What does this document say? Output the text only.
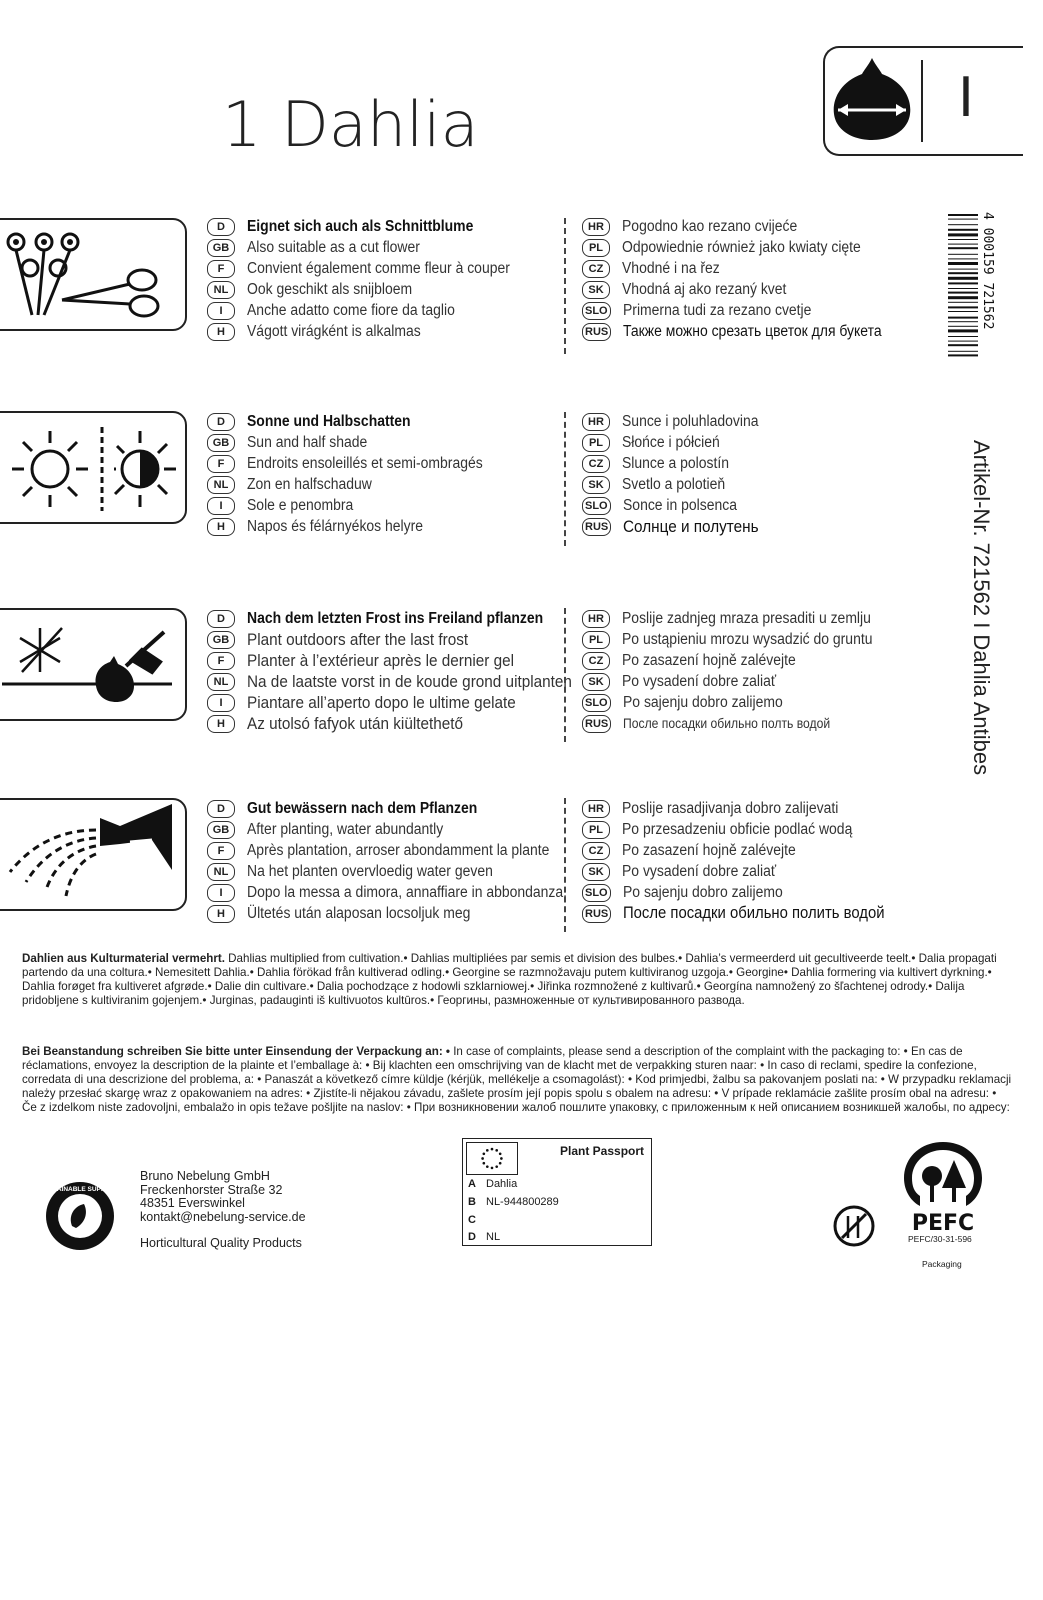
1 Dahlia	I
D	Eignet sich auch als Schnittblume
GB	Also suitable as a cut flower
F	Convient également comme fleur à couper
NL	Ook geschikt als snijbloem
I	Anche adatto come fiore da taglio
H	Vágott virágként is alkalmas
HR	Pogodno kao rezano cvijeće
PL	Odpowiednie również jako kwiaty cięte
CZ	Vhodné i na řez
SK	Vhodná aj ako rezaný kvet
SLO Primerna tudi za rezano cvetje
RUS Также можно срезать цветок для букета
D	Sonne und Halbschatten
GB	Sun and half shade
F	Endroits ensoleillés et semi-ombragés
NL	Zon en halfschaduw
I	Sole e penombra
H	Napos és félárnyékos helyre
HR	Sunce i poluhladovina
PL	Słońce i półcień
CZ	Slunce a polostín
SK	Svetlo a polotieň
SLO Sonce in polsenca
RUS Солнце и полутень
D	Nach dem letzten Frost ins Freiland pflanzen
GB	Plant outdoors after the last frost
F	Planter à l’extérieur après le dernier gel
NL	Na de laatste vorst in de koude grond uitplanten
I	Piantare all’aperto dopo le ultime gelate
H	Az utolsó fafyok után kiültethető
HR	Poslije zadnjeg mraza presaditi u zemlju
PL	Po ustąpieniu mrozu wysadzić do gruntu
CZ	Po zasazení hojně zalévejte
SK	Po vysadení dobre zaliať
SLO Po sajenju dobro zalijemo
RUS После посадки обильно полть водой
D	Gut bewässern nach dem Pflanzen
GB	After planting, water abundantly
F	Après plantation, arroser abondamment la plante
NL	Na het planten overvloedig water geven
I	Dopo la messa a dimora, annaffiare in abbondanza.
H	Ültetés után alaposan locsoljuk meg
HR	Poslije rasadjivanja dobro zalijevati
PL	Po przesadzeniu obficie podlać wodą
CZ	Po zasazení hojně zalévejte
SK	Po vysadení dobre zaliať
SLO Po sajenju dobro zalijemo
RUS После посадки обильно полить водой
4 000159 721562
Artikel-Nr. 721562 I Dahlia Antibes
Dahlien aus Kulturmaterial vermehrt. Dahlias multiplied from cultivation.• Dahlias multipliées par semis et division des bulbes.• Dahlia’s vermeerderd uit gecultiveerde teelt.• Dalia propagati partendo da una coltura.• Nemesitett Dahlia.• Dahlia förökad från kultiverad odling.• Georgine se razmnožavaju putem kultiviranog uzgoja.• Georgine• Dahlia formering via kultivert dyrkning.• Dahlia forøget fra kultiveret afgrøde.• Dalie din cultivare.• Dalia pochodzące z hodowli szklarniowej.• Jiřinka rozmnožené z kultivarů.• Georgína namnožený zo šľachtenej odrody.• Dalija pridobljene s kultiviranim gojenjem.• Jurginas, padauginti iš kultivuotos kultūros.• Георгины, размноженные от культивированного развода.
Bei Beanstandung schreiben Sie bitte unter Einsendung der Verpackung an: • In case of complaints, please send a description of the complaint with the packaging to: • En cas de réclamations, envoyez la description de la plainte et l’emballage à: • Bij klachten een omschrijving van de klacht met de verpakking sturen naar: • In caso di reclami, spedire la confezione, corredata di una descrizione del problema, a: • Panaszát a következő címre küldje (kérjük, mellékelje a csomagolást): • Kod primjedbi, žalbu sa pakovanjem poslati na: • W przypadku reklamacji należy przesłać skargę wraz z opakowaniem na adres: • Zjistíte-li nějakou závadu, zašlete prosím její popis spolu s obalem na adresu: • V prípade reklamácie zašlite prosím obal na adresu: • Če z izdelkom niste zadovoljni, embalažo in opis težave pošljite na naslov: • При возникновении жалоб пошлите упаковку, с приложенным к ней описанием возникшей жалобы, по адресу:
SUSTAINABLE SUPPLIER
Bruno Nebelung GmbH
Freckenhorster Straße 32
48351 Everswinkel
kontakt@nebelung-service.de
Horticultural Quality Products
Plant Passport
A Dahlia
B NL-944800289
C
D NL
PEFC
PEFC/30-31-596
Packaging
